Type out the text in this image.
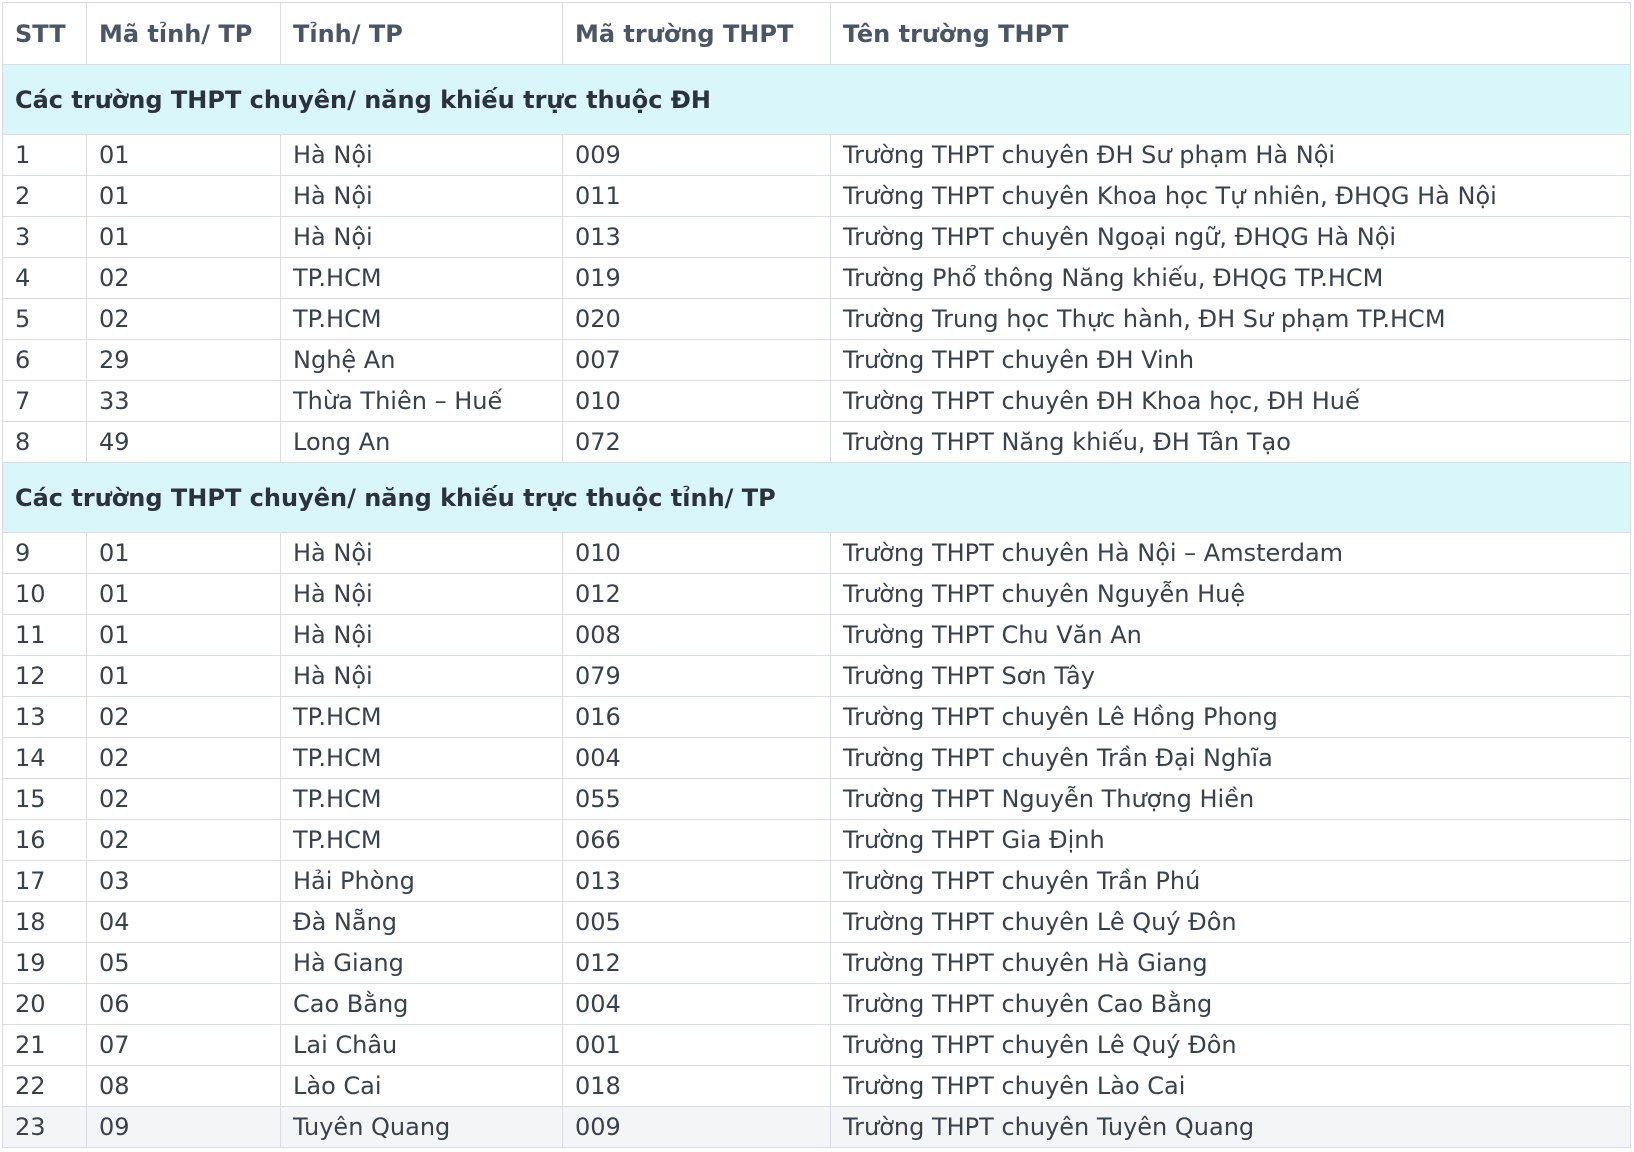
STT	Mã tỉnh/ TP	Tỉnh/ TP	Mã trường THPT	Tên trường THPT
Các trường THPT chuyên/ năng khiếu trực thuộc ĐH				
1	01	Hà Nội	009	Trường THPT chuyên ĐH Sư phạm Hà Nội
2	01	Hà Nội	011	Trường THPT chuyên Khoa học Tự nhiên, ĐHQG Hà Nội
3	01	Hà Nội	013	Trường THPT chuyên Ngoại ngữ, ĐHQG Hà Nội
4	02	TP.HCM	019	Trường Phổ thông Năng khiếu, ĐHQG TP.HCM
5	02	TP.HCM	020	Trường Trung học Thực hành, ĐH Sư phạm TP.HCM
6	29	Nghệ An	007	Trường THPT chuyên ĐH Vinh
7	33	Thừa Thiên – Huế	010	Trường THPT chuyên ĐH Khoa học, ĐH Huế
8	49	Long An	072	Trường THPT Năng khiếu, ĐH Tân Tạo
Các trường THPT chuyên/ năng khiếu trực thuộc tỉnh/ TP				
9	01	Hà Nội	010	Trường THPT chuyên Hà Nội – Amsterdam
10	01	Hà Nội	012	Trường THPT chuyên Nguyễn Huệ
11	01	Hà Nội	008	Trường THPT Chu Văn An
12	01	Hà Nội	079	Trường THPT Sơn Tây
13	02	TP.HCM	016	Trường THPT chuyên Lê Hồng Phong
14	02	TP.HCM	004	Trường THPT chuyên Trần Đại Nghĩa
15	02	TP.HCM	055	Trường THPT Nguyễn Thượng Hiền
16	02	TP.HCM	066	Trường THPT Gia Định
17	03	Hải Phòng	013	Trường THPT chuyên Trần Phú
18	04	Đà Nẵng	005	Trường THPT chuyên Lê Quý Đôn
19	05	Hà Giang	012	Trường THPT chuyên Hà Giang
20	06	Cao Bằng	004	Trường THPT chuyên Cao Bằng
21	07	Lai Châu	001	Trường THPT chuyên Lê Quý Đôn
22	08	Lào Cai	018	Trường THPT chuyên Lào Cai
23	09	Tuyên Quang	009	Trường THPT chuyên Tuyên Quang
